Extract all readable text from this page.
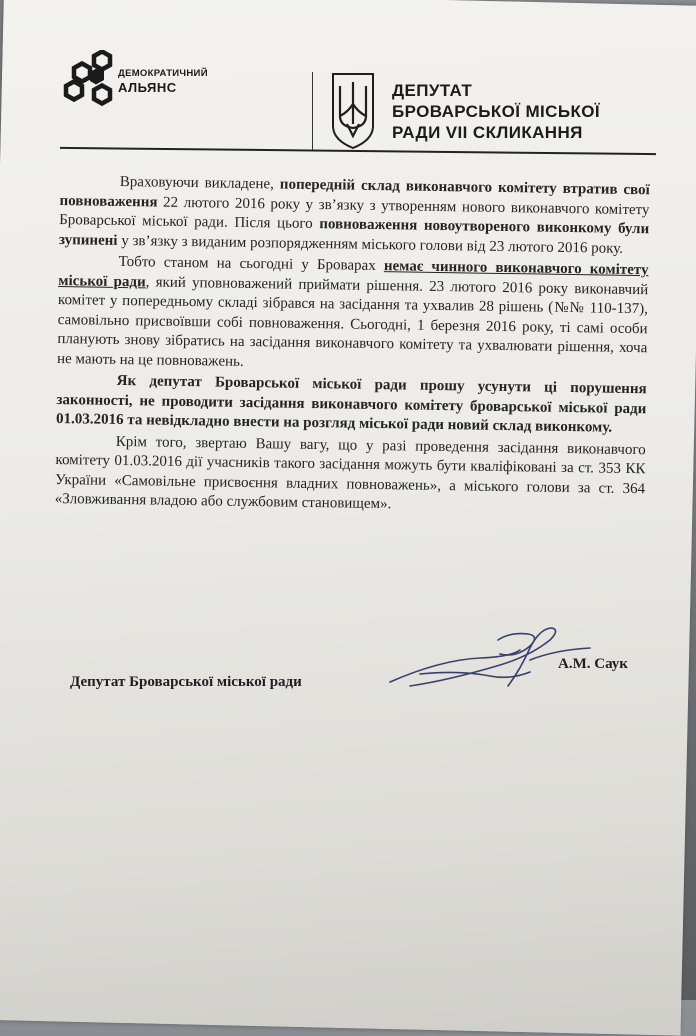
ДЕМОКРАТИЧНИЙ
АЛЬЯНС	ДЕПУТАТ
БРОВАРСЬКОЇ МІСЬКОЇ
РАДИ VII СКЛИКАННЯ

Враховуючи викладене, попередній склад виконавчого комітету втратив свої повноваження 22 лютого 2016 року у зв’язку з утворенням нового виконавчого комітету Броварської міської ради. Після цього повноваження новоутвореного виконкому були зупинені у зв’язку з виданим розпорядженням міського голови від 23 лютого 2016 року.

Тобто станом на сьогодні у Броварах немає чинного виконавчого комітету міської ради, який уповноважений приймати рішення. 23 лютого 2016 року виконавчий комітет у попередньому складі зібрався на засідання та ухвалив 28 рішень (№№ 110-137), самовільно присвоївши собі повноваження. Сьогодні, 1 березня 2016 року, ті самі особи планують знову зібратись на засідання виконавчого комітету та ухвалювати рішення, хоча не мають на це повноважень.

Як депутат Броварської міської ради прошу усунути ці порушення законності, не проводити засідання виконавчого комітету броварської міської ради 01.03.2016 та невідкладно внести на розгляд міської ради новий склад виконкому.

Крім того, звертаю Вашу вагу, що у разі проведення засідання виконавчого комітету 01.03.2016 дії учасників такого засідання можуть бути кваліфіковані за ст. 353 КК України «Самовільне присвоєння владних повноважень», а міського голови за ст. 364 «Зловживання владою або службовим становищем».

Депутат Броварської міської ради
А.М. Саук
